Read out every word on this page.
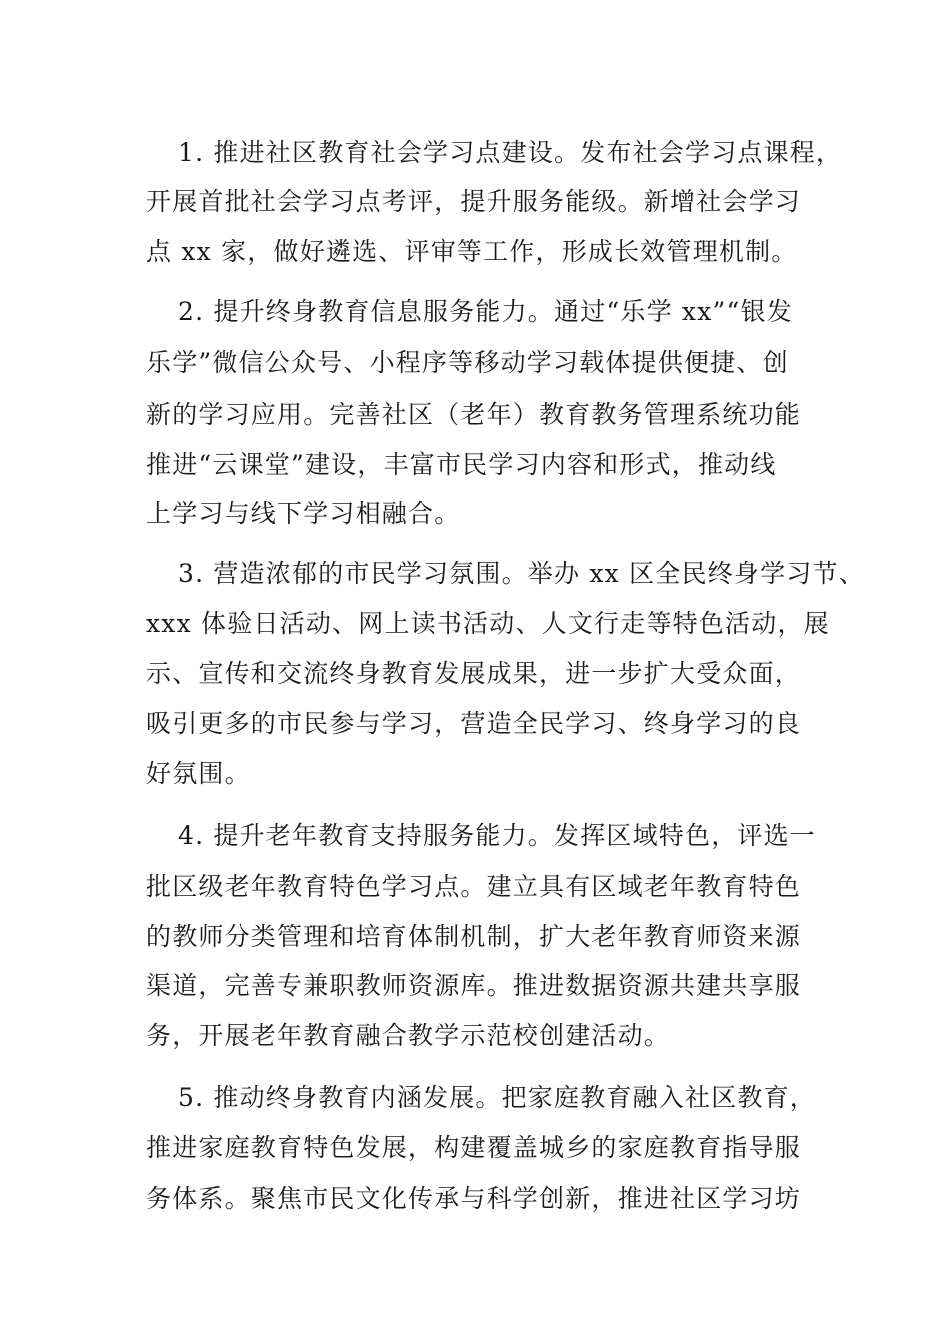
1. 推进社区教育社会学习点建设。发布社会学习点课程，
开展首批社会学习点考评，提升服务能级。新增社会学习
点 xx 家，做好遴选、评审等工作，形成长效管理机制。
2. 提升终身教育信息服务能力。通过“乐学 xx”“银发
乐学”微信公众号、小程序等移动学习载体提供便捷、创
新的学习应用。完善社区（老年）教育教务管理系统功能
推进“云课堂”建设，丰富市民学习内容和形式，推动线
上学习与线下学习相融合。
3. 营造浓郁的市民学习氛围。举办 xx 区全民终身学习节、
xxx 体验日活动、网上读书活动、人文行走等特色活动，展
示、宣传和交流终身教育发展成果，进一步扩大受众面，
吸引更多的市民参与学习，营造全民学习、终身学习的良
好氛围。
4. 提升老年教育支持服务能力。发挥区域特色，评选一
批区级老年教育特色学习点。建立具有区域老年教育特色
的教师分类管理和培育体制机制，扩大老年教育师资来源
渠道，完善专兼职教师资源库。推进数据资源共建共享服
务，开展老年教育融合教学示范校创建活动。
5. 推动终身教育内涵发展。把家庭教育融入社区教育，
推进家庭教育特色发展，构建覆盖城乡的家庭教育指导服
务体系。聚焦市民文化传承与科学创新，推进社区学习坊
